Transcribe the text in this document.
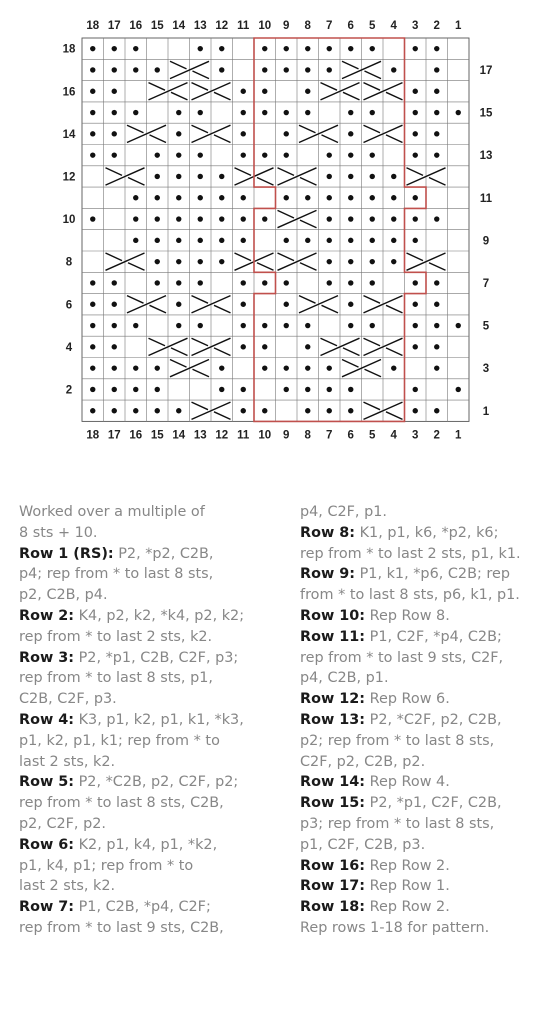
18
18
17
17
16
16
15
15
14
14
13
13
12
12
11
11
10
10
9
9
8
8
7
7
6
6
5
5
4
4
3
3
2
2
1
1
18
16
14
12
10
8
6
4
2
17
15
13
11
9
7
5
3
1
Worked over a multiple of
8 sts + 10.
Row 1 (RS): P2, *p2, C2B,
p4; rep from * to last 8 sts,
p2, C2B, p4.
Row 2: K4, p2, k2, *k4, p2, k2;
rep from * to last 2 sts, k2.
Row 3: P2, *p1, C2B, C2F, p3;
rep from * to last 8 sts, p1,
C2B, C2F, p3.
Row 4: K3, p1, k2, p1, k1, *k3,
p1, k2, p1, k1; rep from * to
last 2 sts, k2.
Row 5: P2, *C2B, p2, C2F, p2;
rep from * to last 8 sts, C2B,
p2, C2F, p2.
Row 6: K2, p1, k4, p1, *k2,
p1, k4, p1; rep from * to
last 2 sts, k2.
Row 7: P1, C2B, *p4, C2F;
rep from * to last 9 sts, C2B,
p4, C2F, p1.
Row 8: K1, p1, k6, *p2, k6;
rep from * to last 2 sts, p1, k1.
Row 9: P1, k1, *p6, C2B; rep
from * to last 8 sts, p6, k1, p1.
Row 10: Rep Row 8.
Row 11: P1, C2F, *p4, C2B;
rep from * to last 9 sts, C2F,
p4, C2B, p1.
Row 12: Rep Row 6.
Row 13: P2, *C2F, p2, C2B,
p2; rep from * to last 8 sts,
C2F, p2, C2B, p2.
Row 14: Rep Row 4.
Row 15: P2, *p1, C2F, C2B,
p3; rep from * to last 8 sts,
p1, C2F, C2B, p3.
Row 16: Rep Row 2.
Row 17: Rep Row 1.
Row 18: Rep Row 2.
Rep rows 1-18 for pattern.
